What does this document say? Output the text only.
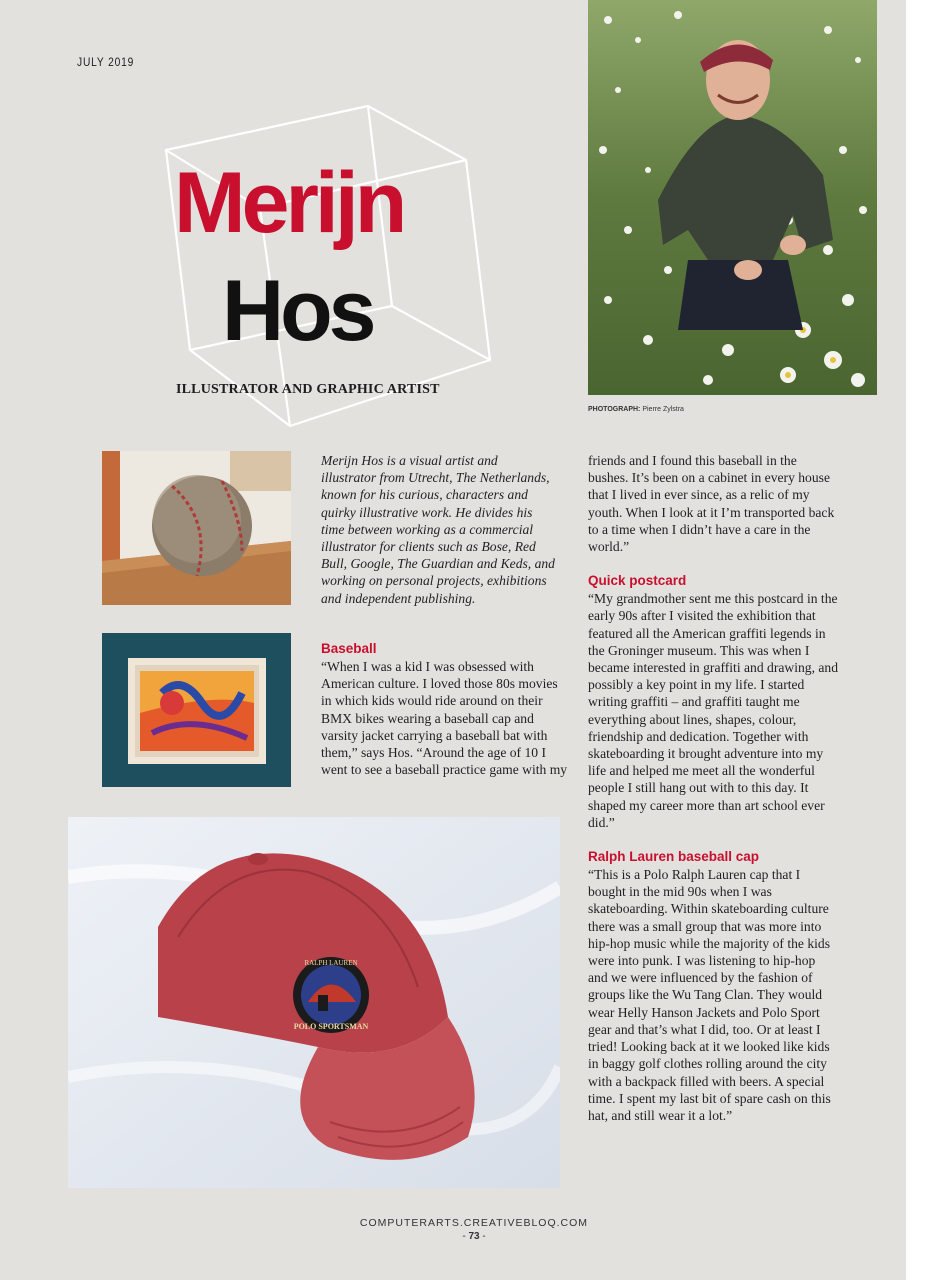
JULY 2019
Merijn
Hos
ILLUSTRATOR AND GRAPHIC ARTIST
PHOTOGRAPH: Pierre Zylstra
RALPH LAUREN
POLO SPORTSMAN
Merijn Hos is a visual artist and illustrator from Utrecht, The Netherlands, known for his curious, characters and quirky illustrative work. He divides his time between working as a commercial illustrator for clients such as Bose, Red Bull, Google, The Guardian and Keds, and working on personal projects, exhibitions and independent publishing.
Baseball
“When I was a kid I was obsessed with American culture. I loved those 80s movies in which kids would ride around on their BMX bikes wearing a baseball cap and varsity jacket carrying a baseball bat with them,” says Hos. “Around the age of 10 I went to see a baseball practice game with my
friends and I found this baseball in the bushes. It’s been on a cabinet in every house that I lived in ever since, as a relic of my youth. When I look at it I’m transported back to a time when I didn’t have a care in the world.”
Quick postcard
“My grandmother sent me this postcard in the early 90s after I visited the exhibition that featured all the American graffiti legends in the Groninger museum. This was when I became interested in graffiti and drawing, and possibly a key point in my life. I started writing graffiti – and graffiti taught me everything about lines, shapes, colour, friendship and dedication. Together with skateboarding it brought adventure into my life and helped me meet all the wonderful people I still hang out with to this day. It shaped my career more than art school ever did.”
Ralph Lauren baseball cap
“This is a Polo Ralph Lauren cap that I bought in the mid 90s when I was skateboarding. Within skateboarding culture there was a small group that was more into hip-hop music while the majority of the kids were into punk. I was listening to hip-hop and we were influenced by the fashion of groups like the Wu Tang Clan. They would wear Helly Hanson Jackets and Polo Sport gear and that’s what I did, too. Or at least I tried! Looking back at it we looked like kids in baggy golf clothes rolling around the city with a backpack filled with beers. A special time. I spent my last bit of spare cash on this hat, and still wear it a lot.”
COMPUTERARTS.CREATIVEBLOQ.COM
- 73 -
